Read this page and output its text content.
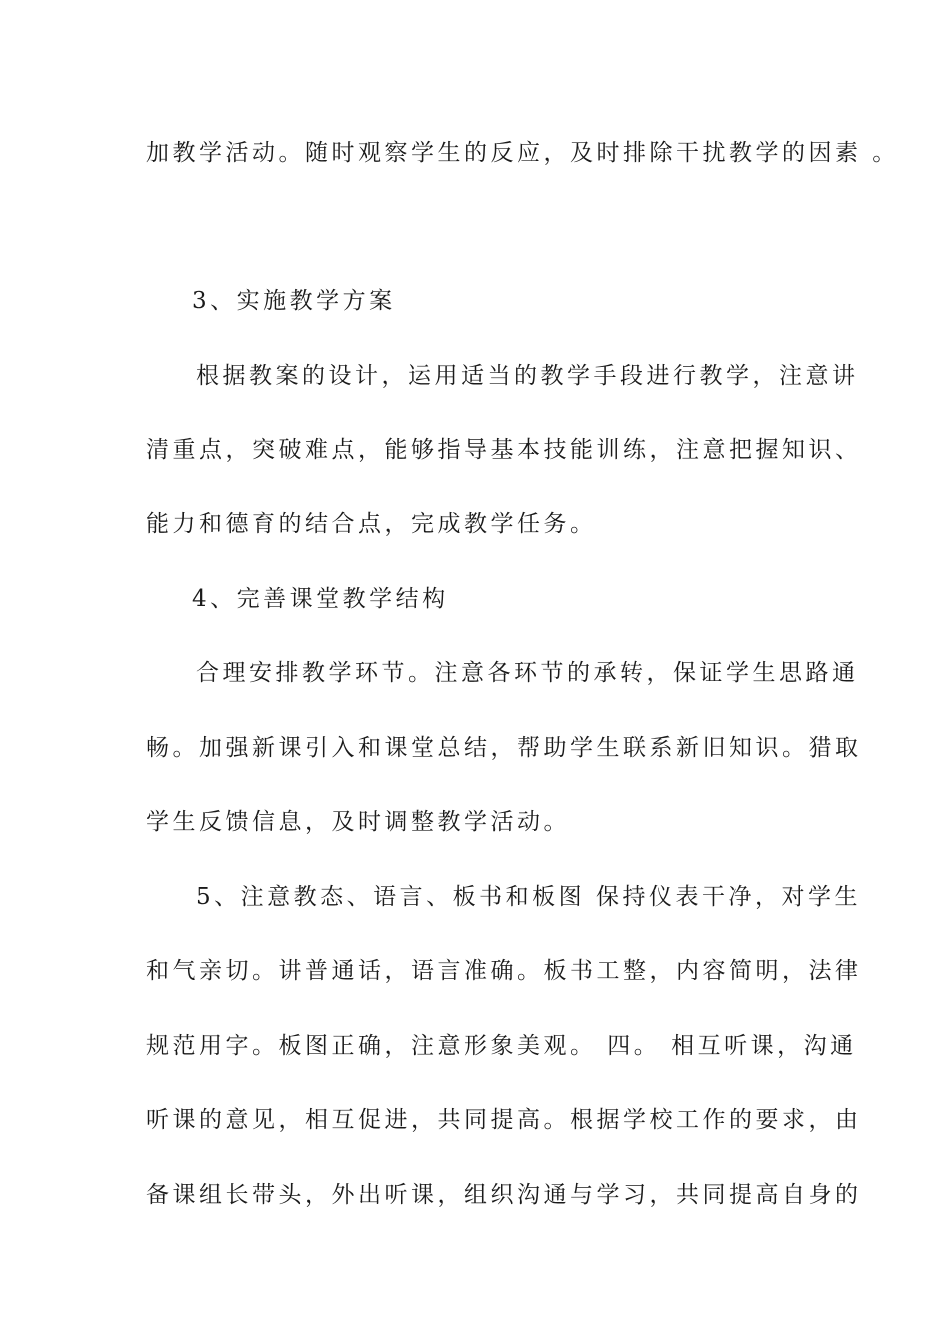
加教学活动。随时观察学生的反应，及时排除干扰教学的因素 。
3、实施教学方案
根据教案的设计，运用适当的教学手段进行教学，注意讲
清重点，突破难点，能够指导基本技能训练，注意把握知识、
能力和德育的结合点，完成教学任务。
4、完善课堂教学结构
合理安排教学环节。注意各环节的承转，保证学生思路通
畅。加强新课引入和课堂总结，帮助学生联系新旧知识。猎取
学生反馈信息，及时调整教学活动。
5、注意教态、语言、板书和板图 保持仪表干净，对学生
和气亲切。讲普通话，语言准确。板书工整，内容简明，法律
规范用字。板图正确，注意形象美观。 四。 相互听课，沟通
听课的意见，相互促进，共同提高。根据学校工作的要求，由
备课组长带头，外出听课，组织沟通与学习，共同提高自身的
